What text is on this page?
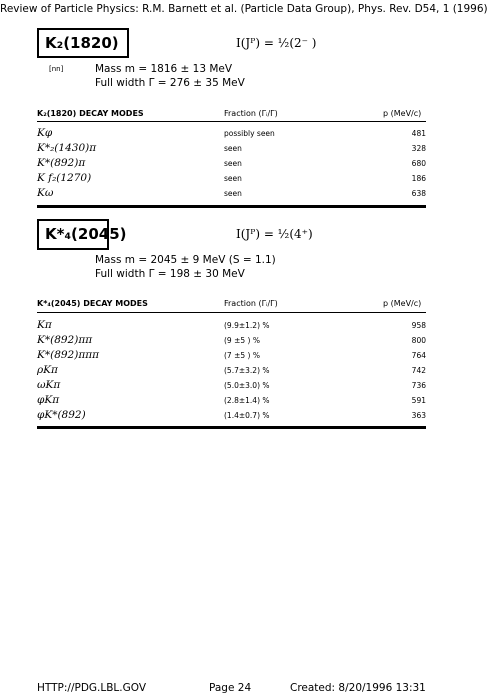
Review of Particle Physics: R.M. Barnett et al. (Particle Data Group), Phys. Rev. D54, 1 (1996)
K₂(1820)[nn]
I(Jᴾ) = ½(2⁻ )
Mass m = 1816 ± 13 MeV
Full width Γ = 276 ± 35 MeV
K₂(1820) DECAY MODES	Fraction (Γᵢ/Γ)	p (MeV/c)
Kφ	possibly seen	481
K*₂(1430)π	seen	328
K*(892)π	seen	680
K f₂(1270)	seen	186
Kω	seen	638
K*₄(2045)	I(Jᴾ) = ½(4⁺)
Mass m = 2045 ± 9 MeV (S = 1.1)
Full width Γ = 198 ± 30 MeV
K*₄(2045) DECAY MODES	Fraction (Γᵢ/Γ)	p (MeV/c)
Kπ	(9.9±1.2) %	958
K*(892)ππ	(9 ±5 ) %	800
K*(892)πππ	(7 ±5 ) %	764
ρKπ	(5.7±3.2) %	742
ωKπ	(5.0±3.0) %	736
φKπ	(2.8±1.4) %	591
φK*(892)	(1.4±0.7) %	363
HTTP://PDG.LBL.GOV	Page 24	Created: 8/20/1996 13:31
